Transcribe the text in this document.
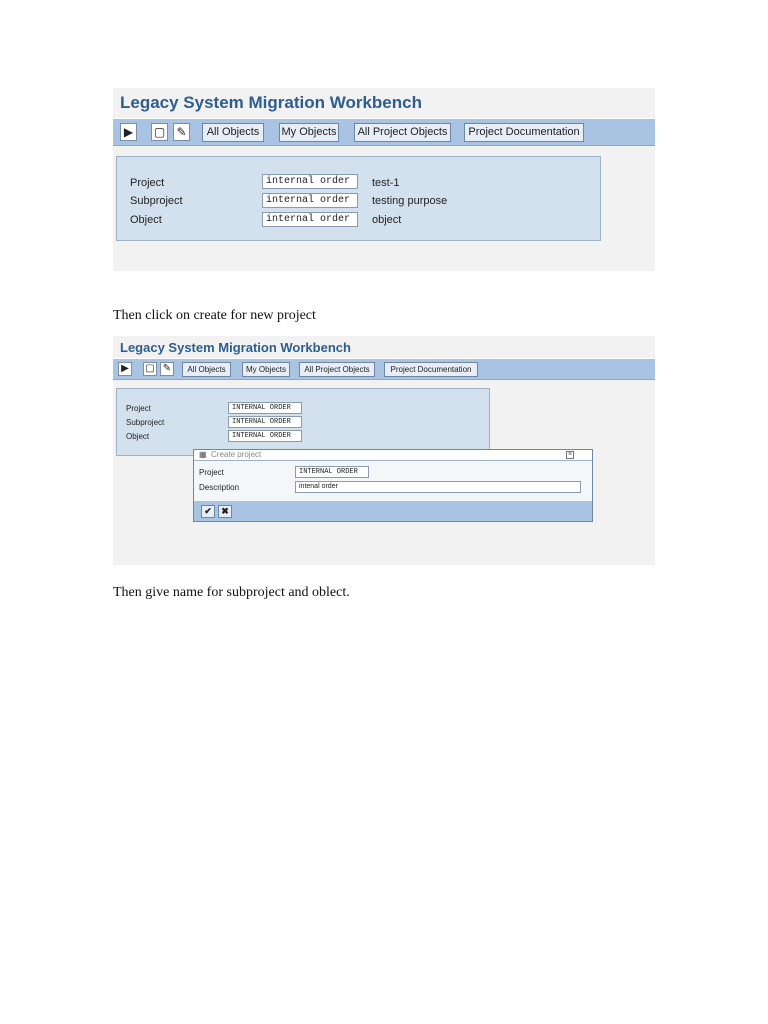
Legacy System Migration Workbench
▶	▢ ✎	All Objects	My Objects	All Project Objects	Project Documentation
Project	internal order	test-1
Subproject	internal order	testing purpose
Object	internal order	object
Then click on create for new project
Legacy System Migration Workbench
▶	▢ ✎	All Objects	My Objects	All Project Objects	Project Documentation
Project	INTERNAL ORDER
Subproject	INTERNAL ORDER
Object	INTERNAL ORDER
▦ Create project	×
Project	INTERNAL ORDER
Description	intenal order
✔	✖
Then give name for subproject and oblect.
